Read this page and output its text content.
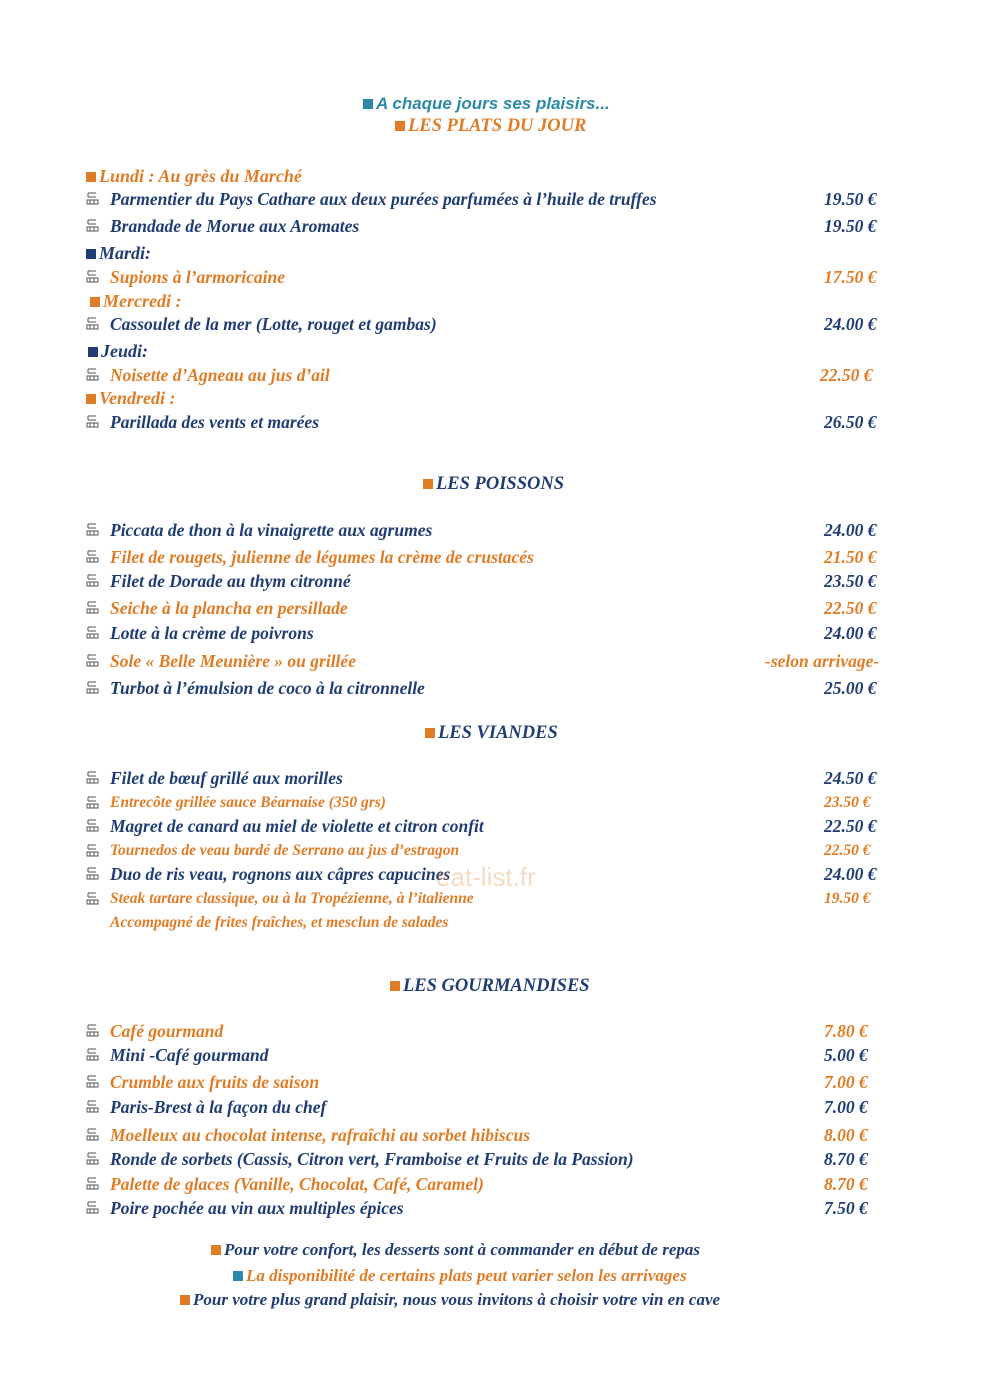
A chaque jours ses plaisirs...
LES PLATS DU JOUR
Lundi : Au grès du Marché
Parmentier du Pays Cathare aux deux purées parfumées à l’huile de truffes	19.50 €
Brandade de Morue aux Aromates	19.50 €
Mardi:
Supions à l’armoricaine	17.50 €
Mercredi :
Cassoulet de la mer (Lotte, rouget et gambas)	24.00 €
Jeudi:
Noisette d’Agneau au jus d’ail	22.50 €
Vendredi :
Parillada des vents et marées	26.50 €
LES POISSONS
Piccata de thon à la vinaigrette aux agrumes	24.00 €
Filet de rougets, julienne de légumes la crème de crustacés	21.50 €
Filet de Dorade au thym citronné	23.50 €
Seiche à la plancha en persillade	22.50 €
Lotte à la crème de poivrons	24.00 €
Sole « Belle Meunière » ou grillée	-selon arrivage-
Turbot à l’émulsion de coco à la citronnelle	25.00 €
LES VIANDES
Filet de bœuf grillé aux morilles	24.50 €
Entrecôte grillée sauce Béarnaise (350 grs)	23.50 €
Magret de canard au miel de violette et citron confit	22.50 €
Tournedos de veau bardé de Serrano au jus d’estragon	22.50 €
Duo de ris veau, rognons aux câpres capucines	24.00 €
eat-list.fr
Steak tartare classique, ou à la Tropézienne, à l’italienne	19.50 €
Accompagné de frites fraîches, et mesclun de salades
LES GOURMANDISES
Café gourmand	7.80 €
Mini -Café gourmand	5.00 €
Crumble aux fruits de saison	7.00 €
Paris-Brest à la façon du chef	7.00 €
Moelleux au chocolat intense, rafraîchi au sorbet hibiscus	8.00 €
Ronde de sorbets (Cassis, Citron vert, Framboise et Fruits de la Passion)	8.70 €
Palette de glaces (Vanille, Chocolat, Café, Caramel)	8.70 €
Poire pochée au vin aux multiples épices	7.50 €
Pour votre confort, les desserts sont à commander en début de repas
La disponibilité de certains plats peut varier selon les arrivages
Pour votre plus grand plaisir, nous vous invitons à choisir votre vin en cave
